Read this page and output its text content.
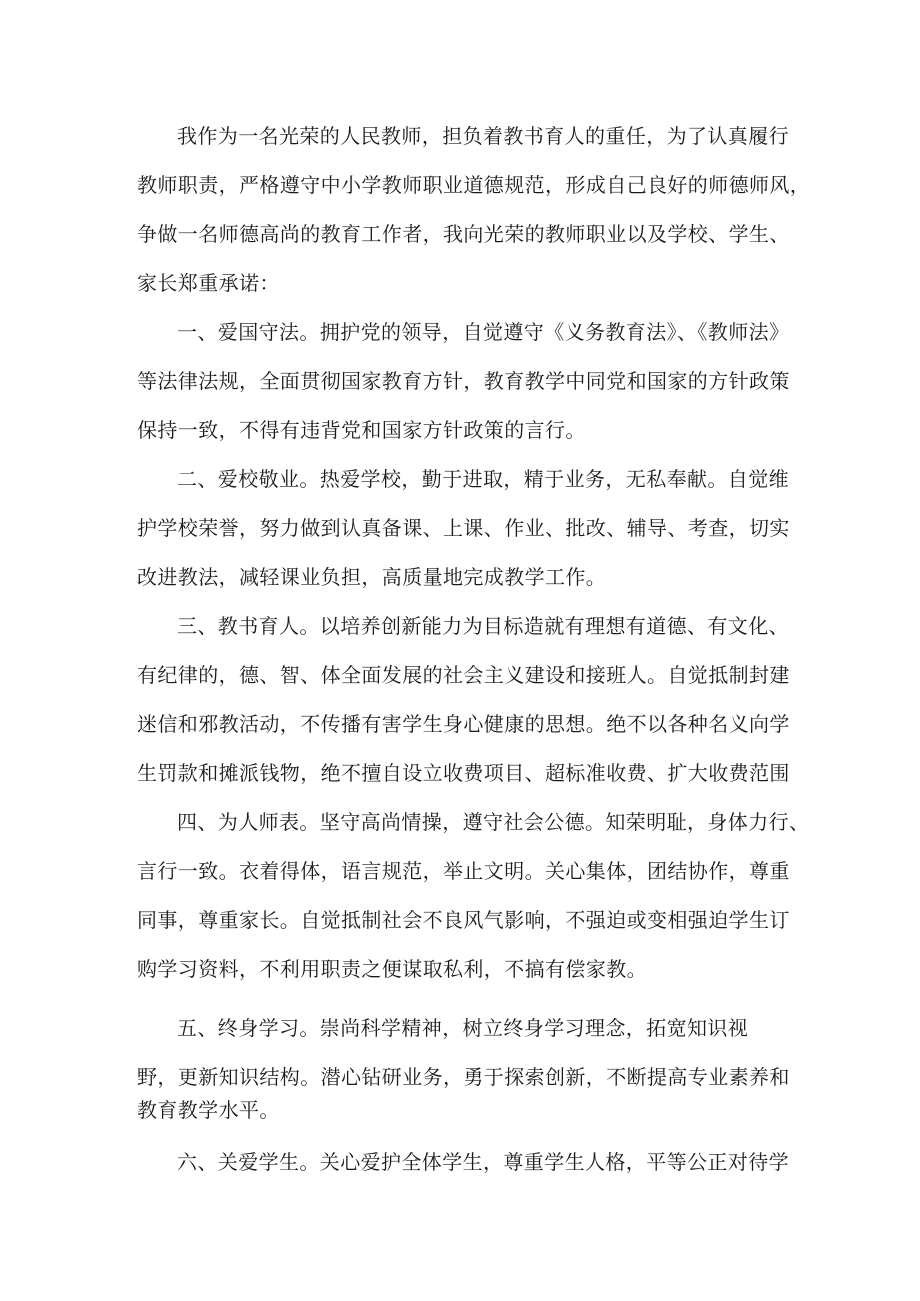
我作为一名光荣的人民教师，担负着教书育人的重任，为了认真履行

教师职责，严格遵守中小学教师职业道德规范，形成自己良好的师德师风，

争做一名师德高尚的教育工作者，我向光荣的教师职业以及学校、学生、

家长郑重承诺：

一、爱国守法。拥护党的领导，自觉遵守《义务教育法》、《教师法》

等法律法规，全面贯彻国家教育方针，教育教学中同党和国家的方针政策

保持一致，不得有违背党和国家方针政策的言行。

二、爱校敬业。热爱学校，勤于进取，精于业务，无私奉献。自觉维

护学校荣誉，努力做到认真备课、上课、作业、批改、辅导、考查，切实

改进教法，减轻课业负担，高质量地完成教学工作。

三、教书育人。以培养创新能力为目标造就有理想有道德、有文化、

有纪律的，德、智、体全面发展的社会主义建设和接班人。自觉抵制封建

迷信和邪教活动，不传播有害学生身心健康的思想。绝不以各种名义向学

生罚款和摊派钱物，绝不擅自设立收费项目、超标准收费、扩大收费范围

四、为人师表。坚守高尚情操，遵守社会公德。知荣明耻，身体力行、

言行一致。衣着得体，语言规范，举止文明。关心集体，团结协作，尊重

同事，尊重家长。自觉抵制社会不良风气影响，不强迫或变相强迫学生订

购学习资料，不利用职责之便谋取私利，不搞有偿家教。

五、终身学习。崇尚科学精神，树立终身学习理念，拓宽知识视

野，更新知识结构。潜心钻研业务，勇于探索创新，不断提高专业素养和

教育教学水平。

六、关爱学生。关心爱护全体学生，尊重学生人格，平等公正对待学
